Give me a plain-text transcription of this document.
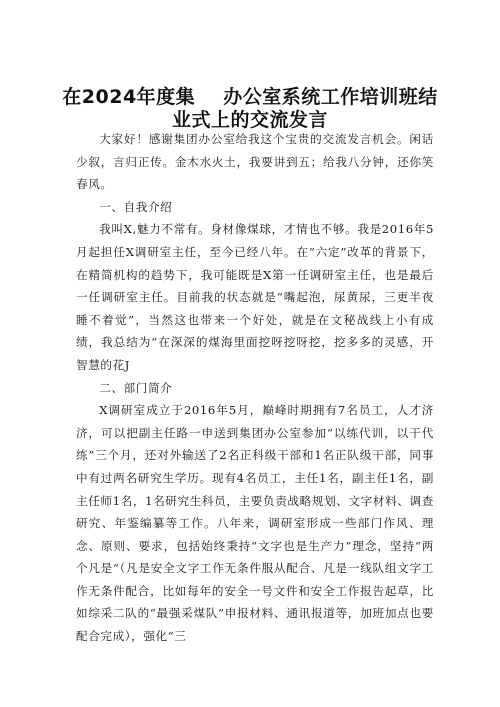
在2024年度集 办公室系统工作培训班结
业式上的交流发言

大家好！感谢集团办公室给我这个宝贵的交流发言机会。闲话少叙，言归正传。金木水火土，我要讲到五；给我八分钟，还你笑春风。

一、自我介绍

我叫X,魅力不常有。身材像煤球，才情也不够。我是2016年5月起担任X调研室主任，至今已经八年。在“六定”改革的背景下，在精简机构的趋势下，我可能既是X第一任调研室主任，也是最后一任调研室主任。目前我的状态就是“嘴起泡，尿黄尿，三更半夜睡不着觉”，当然这也带来一个好处，就是在文秘战线上小有成绩，我总结为“在深深的煤海里面挖呀挖呀挖，挖多多的灵感，开智慧的花J

二、部门简介

X调研室成立于2016年5月，巅峰时期拥有7名员工，人才济济，可以把副主任路一申送到集团办公室参加“以练代训，以干代练”三个月，还对外输送了2名正科级干部和1名正队级干部，同事中有过两名研究生学历。现有4名员工，主任1名，副主任1名，副主任师1名，1名研究生科员，主要负责战略规划、文字材料、调查研究、年鉴编纂等工作。八年来，调研室形成一些部门作风、理念、原则、要求，包括始终秉持“文字也是生产力”理念，坚持“两个凡是“（凡是安全文字工作无条件服从配合、凡是一线队组文字工作无条件配合，比如每年的安全一号文件和安全工作报告起草，比如综采二队的“最强采煤队”申报材料、通讯报道等，加班加点也要配合完成），强化“三
